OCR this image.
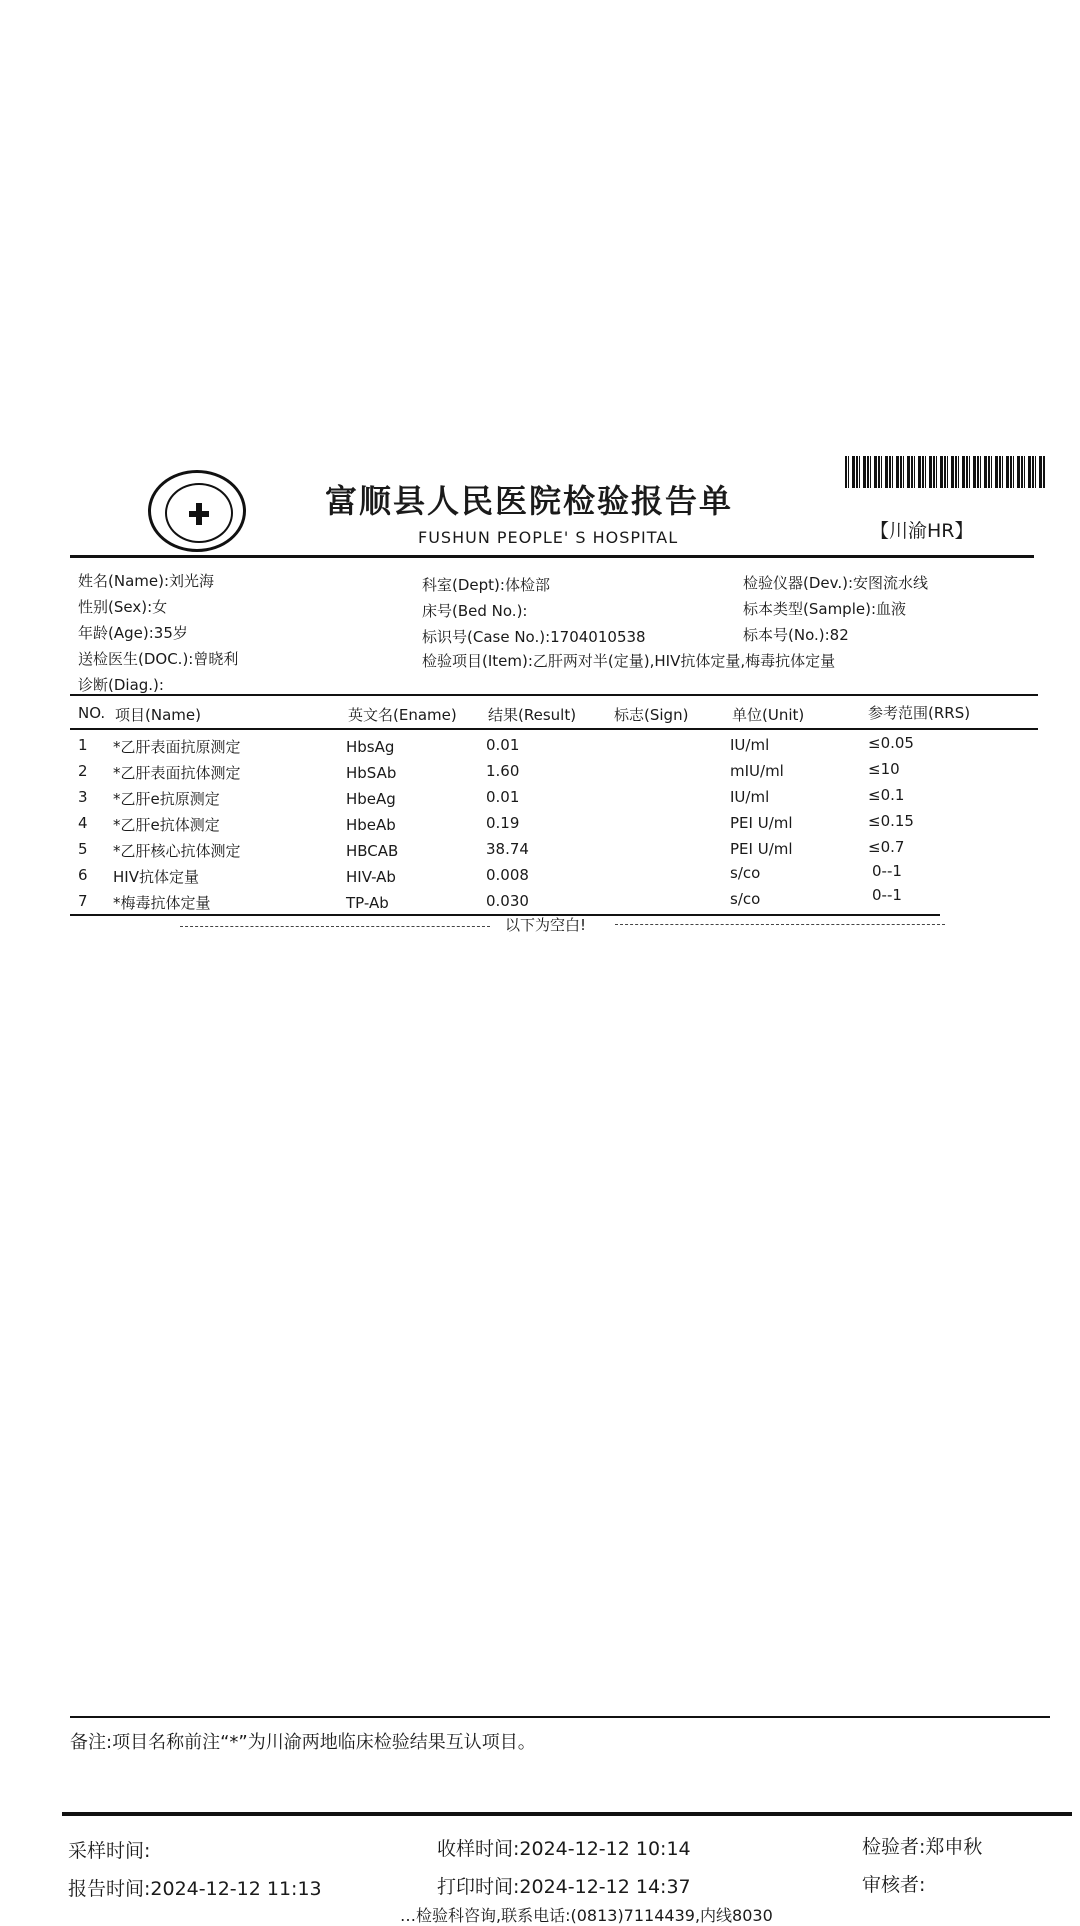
富顺县人民医院检验报告单
FUSHUN PEOPLE' S HOSPITAL	【川渝HR】
姓名(Name):刘光海
性别(Sex):女
年龄(Age):35岁
送检医生(DOC.):曾晓利
诊断(Diag.):
科室(Dept):体检部
床号(Bed No.):
标识号(Case No.):1704010538
检验项目(Item):乙肝两对半(定量),HIV抗体定量,梅毒抗体定量
检验仪器(Dev.):安图流水线
标本类型(Sample):血液
标本号(No.):82
NO. 项目(Name)	英文名(Ename) 结果(Result)	标志(Sign)	单位(Unit)	参考范围(RRS)
1 *乙肝表面抗原测定	HbsAg	0.01	IU/ml	≤0.05
2 *乙肝表面抗体测定	HbSAb	1.60	mIU/ml	≤10
3 *乙肝e抗原测定	HbeAg	0.01	IU/ml	≤0.1
4 *乙肝e抗体测定	HbeAb	0.19	PEI U/ml	≤0.15
5 *乙肝核心抗体测定	HBCAB	38.74	PEI U/ml	≤0.7
6 HIV抗体定量	HIV-Ab	0.008	s/co	0--1
7 *梅毒抗体定量	TP-Ab	0.030	s/co	0--1
以下为空白!
备注:项目名称前注“*”为川渝两地临床检验结果互认项目。
采样时间:	收样时间:2024-12-12 10:14	检验者:郑申秋
报告时间:2024-12-12 11:13	打印时间:2024-12-12 14:37	审核者:
…检验科咨询,联系电话:(0813)7114439,内线8030
